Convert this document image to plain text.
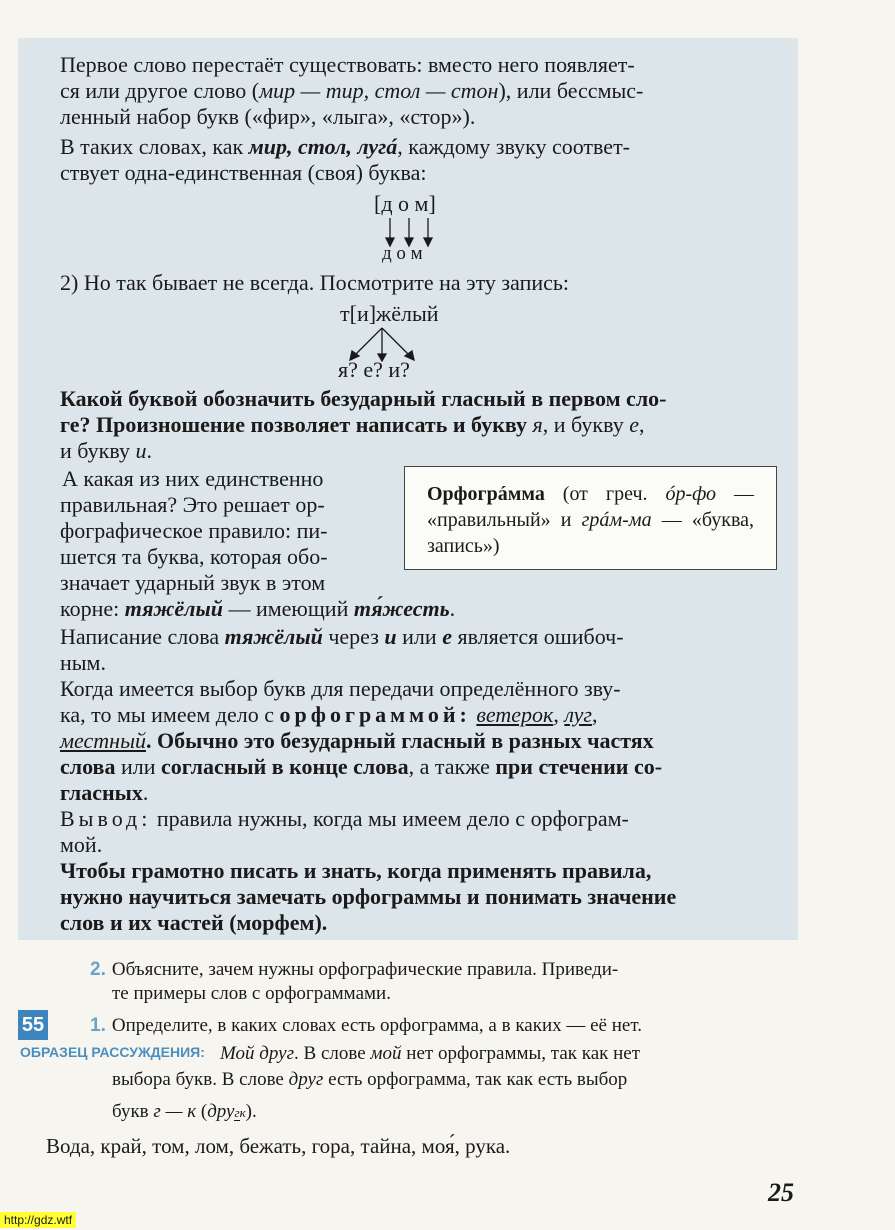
Первое слово перестаёт существовать: вместо него появляет-
ся или другое слово (мир — тир, стол — стон), или бессмыс-
ленный набор букв («фир», «лыга», «стор»).
В таких словах, как мир, стол, лугá, каждому звуку соответ-
ствует одна-единственная (своя) буква:
[д о м]
д о м
2) Но так бывает не всегда. Посмотрите на эту запись:
т[и]жёлый
я? е? и?
Какой буквой обозначить безударный гласный в первом сло-
ге? Произношение позволяет написать и букву я, и букву е,
и букву и.
А какая из них единственно
правильная? Это решает ор-
фографическое правило: пи-
шется та буква, которая обо-
значает ударный звук в этом
корне: тяжёлый — имеющий тя́жесть.
Орфогрáмма (от греч. óр-фо — «правильный» и грáм-ма — «буква, запись»)
Написание слова тяжёлый через и или е является ошибоч-
ным.
Когда имеется выбор букв для передачи определённого зву-
ка, то мы имеем дело с орфограммой: ветерок, луг,
местный. Обычно это безударный гласный в разных частях
слова или согласный в конце слова, а также при стечении со-
гласных.
Вывод: правила нужны, когда мы имеем дело с орфограм-
мой.
Чтобы грамотно писать и знать, когда применять правила,
нужно научиться замечать орфограммы и понимать значение
слов и их частей (морфем).
2. Объясните, зачем нужны орфографические правила. Приведи-
те примеры слов с орфограммами.
55 1. Определите, в каких словах есть орфограмма, а в каких — её нет.
ОБРАЗЕЦ РАССУЖДЕНИЯ: Мой друг. В слове мой нет орфограммы, так как нет
выбора букв. В слове друг есть орфограмма, так как есть выбор
букв г — к (другк).
Вода, край, том, лом, бежать, гора, тайна, моя́, рука.
25
http://gdz.wtf
